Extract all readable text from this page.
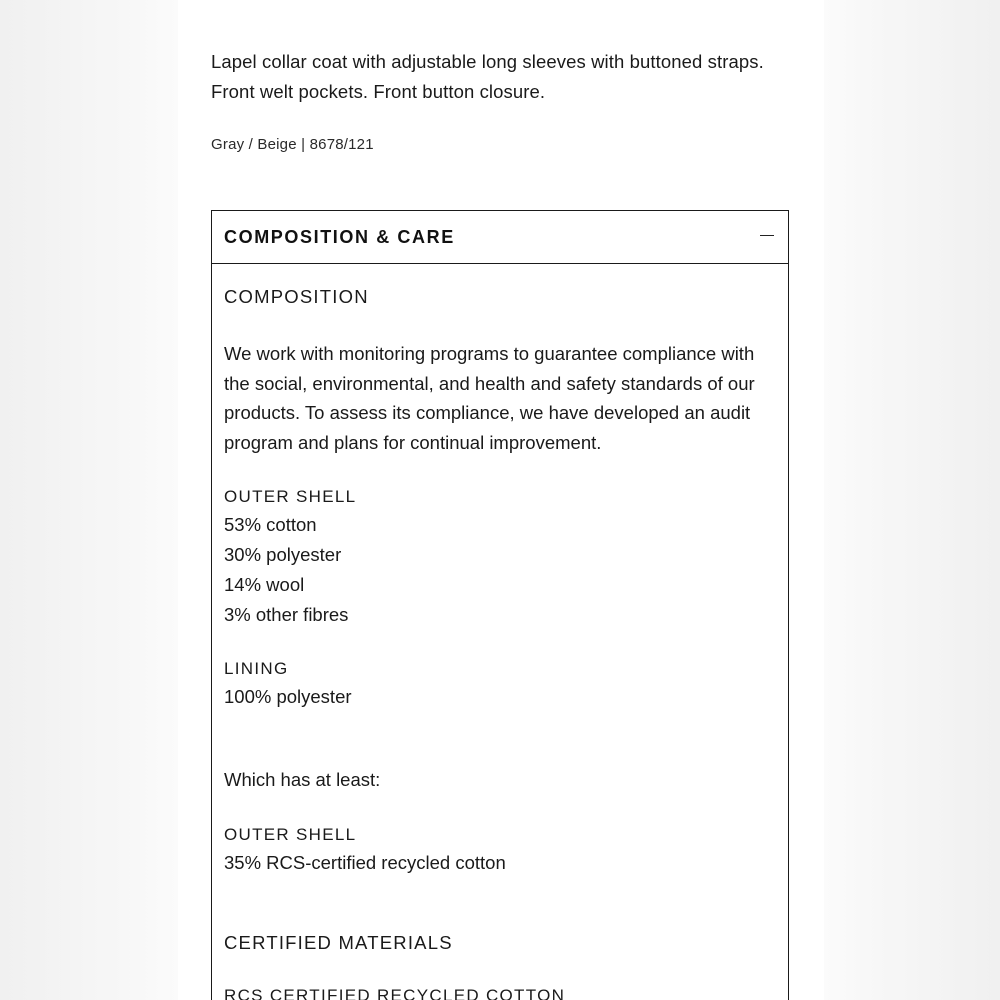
Lapel collar coat with adjustable long sleeves with buttoned straps. Front welt pockets. Front button closure.

Gray / Beige | 8678/121

COMPOSITION & CARE
COMPOSITION

We work with monitoring programs to guarantee compliance with the social, environmental, and health and safety standards of our products. To assess its compliance, we have developed an audit program and plans for continual improvement.

OUTER SHELL
53% cotton
30% polyester
14% wool
3% other fibres
LINING
100% polyester
Which has at least:
OUTER SHELL
35% RCS-certified recycled cotton
CERTIFIED MATERIALS
RCS CERTIFIED RECYCLED COTTON
